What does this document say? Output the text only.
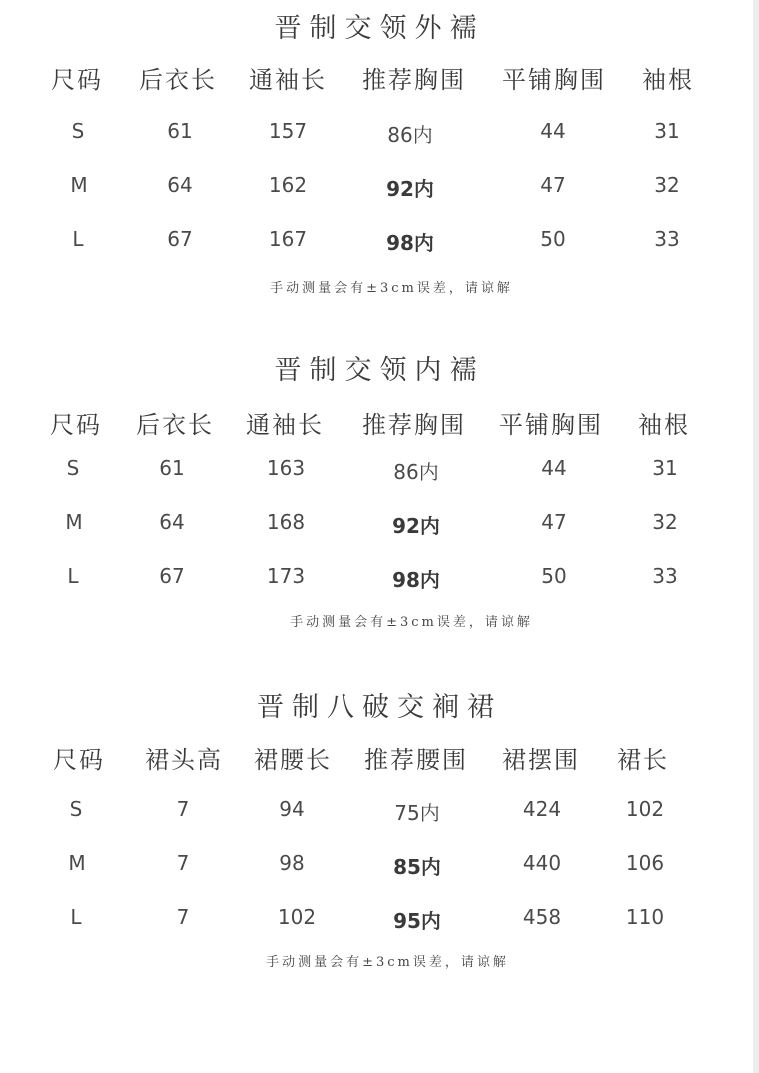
晋制交领外襦
尺码 后衣长 通袖长 推荐胸围 平铺胸围 袖根
S	61	157	86内	44	31
M	64	162	92内	47	32
L	67	167	98内	50	33
手动测量会有±3cm误差，请谅解
晋制交领内襦
尺码 后衣长 通袖长 推荐胸围 平铺胸围 袖根
S	61	163	86内	44	31
M	64	168	92内	47	32
L	67	173	98内	50	33
手动测量会有±3cm误差，请谅解
晋制八破交裥裙
尺码 裙头高 裙腰长 推荐腰围 裙摆围 裙长
S	7	94	75内	424	102
M	7	98	85内	440	106
L	7	102	95内	458	110
手动测量会有±3cm误差，请谅解
